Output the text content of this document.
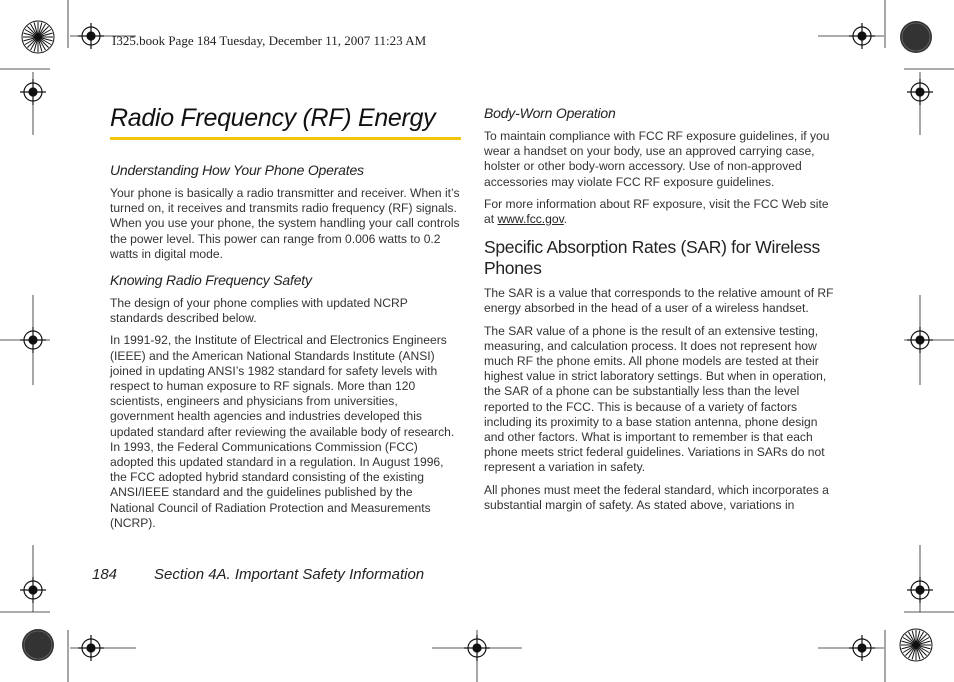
I325.book Page 184 Tuesday, December 11, 2007 11:23 AM
Radio Frequency (RF) Energy
Understanding How Your Phone Operates

Your phone is basically a radio transmitter and receiver. When it’s turned on, it receives and transmits radio frequency (RF) signals. When you use your phone, the system handling your call controls the power level. This power can range from 0.006 watts to 0.2 watts in digital mode.

Knowing Radio Frequency Safety

The design of your phone complies with updated NCRP standards described below.

In 1991-92, the Institute of Electrical and Electronics Engineers (IEEE) and the American National Standards Institute (ANSI) joined in updating ANSI’s 1982 standard for safety levels with respect to human exposure to RF signals. More than 120 scientists, engineers and physicians from universities, government health agencies and industries developed this updated standard after reviewing the available body of research. In 1993, the Federal Communications Commission (FCC) adopted this updated standard in a regulation. In August 1996, the FCC adopted hybrid standard consisting of the existing ANSI/IEEE standard and the guidelines published by the National Council of Radiation Protection and Measurements (NCRP).

Body-Worn Operation

To maintain compliance with FCC RF exposure guidelines, if you wear a handset on your body, use an approved carrying case, holster or other body-worn accessory. Use of non-approved accessories may violate FCC RF exposure guidelines.

For more information about RF exposure, visit the FCC Web site at www.fcc.gov.

Specific Absorption Rates (SAR) for Wireless Phones

The SAR is a value that corresponds to the relative amount of RF energy absorbed in the head of a user of a wireless handset.

The SAR value of a phone is the result of an extensive testing, measuring, and calculation process. It does not represent how much RF the phone emits. All phone models are tested at their highest value in strict laboratory settings. But when in operation, the SAR of a phone can be substantially less than the level reported to the FCC. This is because of a variety of factors including its proximity to a base station antenna, phone design and other factors. What is important to remember is that each phone meets strict federal guidelines. Variations in SARs do not represent a variation in safety.

All phones must meet the federal standard, which incorporates a substantial margin of safety. As stated above, variations in

184 Section 4A. Important Safety Information
